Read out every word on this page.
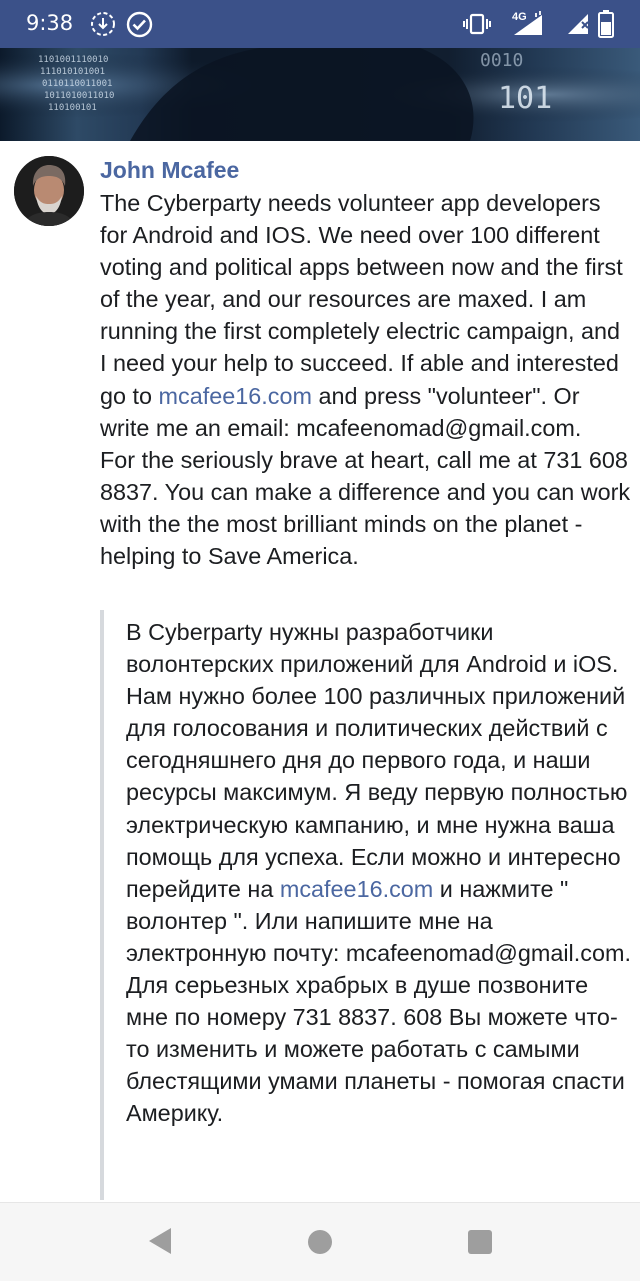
9:38	4G
1101001110010
111010101001
0110110011001
1011010011010
110100101
0010
101
John Mcafee
The Cyberparty needs volunteer app developers for Android and IOS. We need over 100 different voting and political apps between now and the first of the year, and our resources are maxed. I am running the first completely electric campaign, and I need your help to succeed. If able and interested go to mcafee16.com and press "volunteer". Or write me an email: mcafeenomad@gmail.com.
For the seriously brave at heart, call me at 731 608 8837. You can make a difference and you can work with the the most brilliant minds on the planet - helping to Save America.
В Cyberparty нужны разработчики волонтерских приложений для Android и iOS. Нам нужно более 100 различных приложений для голосования и политических действий с сегодняшнего дня до первого года, и наши ресурсы максимум. Я веду первую полностью электрическую кампанию, и мне нужна ваша помощь для успеха. Если можно и интересно перейдите на mcafee16.com и нажмите " волонтер ". Или напишите мне на электронную почту: mcafeenomad@gmail.com.
Для серьезных храбрых в душе позвоните мне по номеру 731 8837. 608 Вы можете что-то изменить и можете работать с самыми блестящими умами планеты - помогая спасти Америку.
